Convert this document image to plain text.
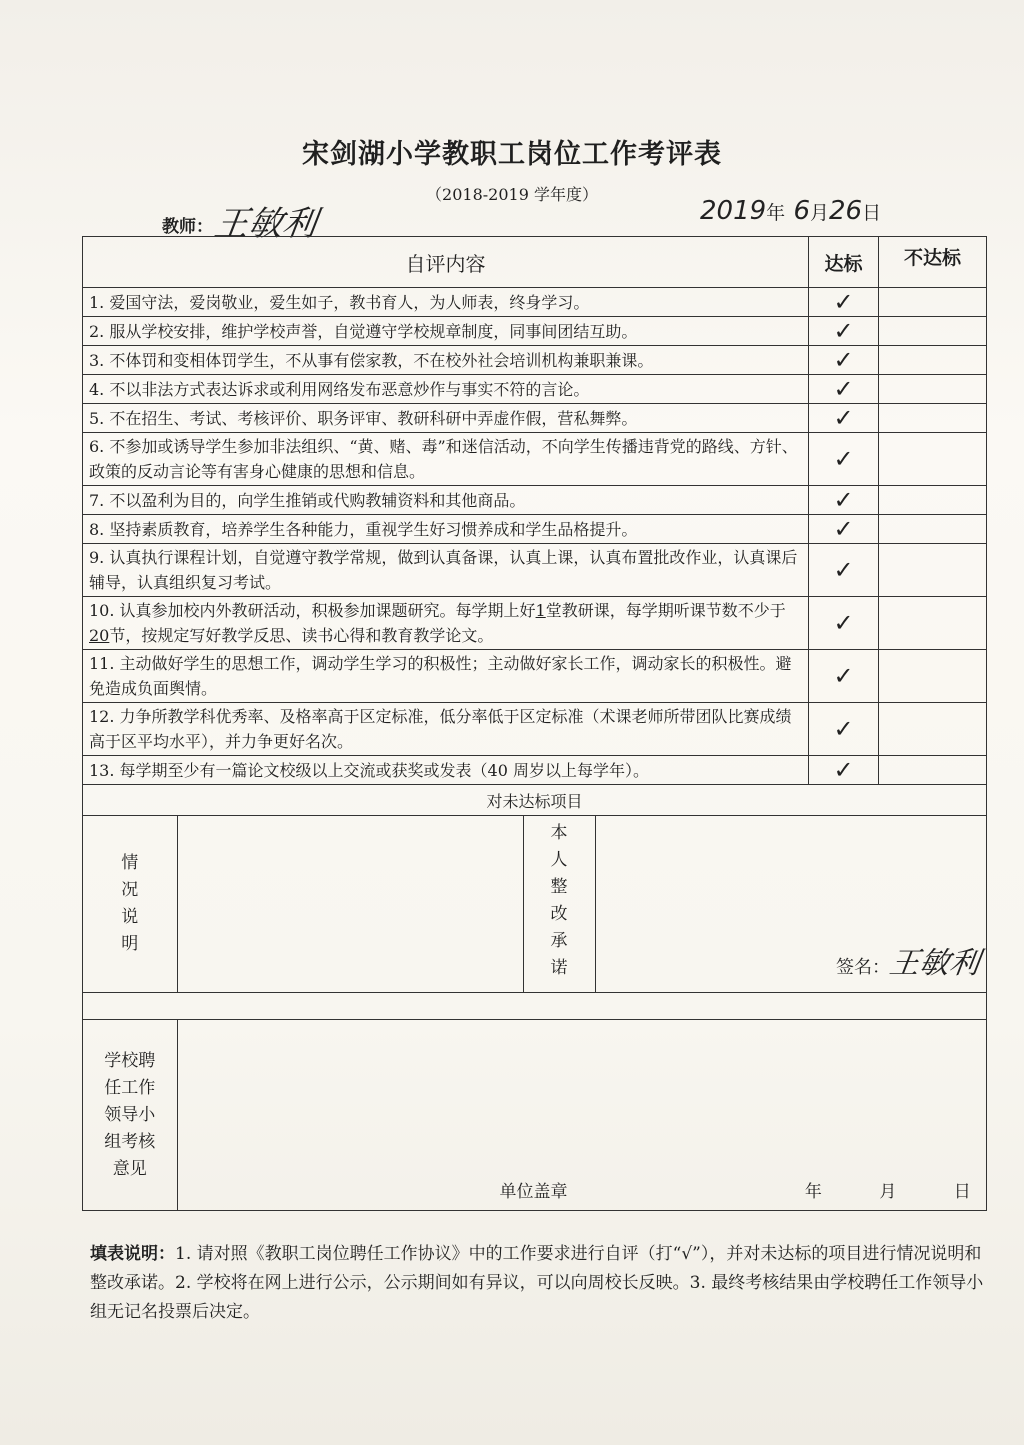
宋剑湖小学教职工岗位工作考评表
（2018-2019 学年度）
教师：
王敏利	2019年 6月26日
自评内容	达标	不达标
1. 爱国守法，爱岗敬业，爱生如子，教书育人，为人师表，终身学习。	✓	
2. 服从学校安排，维护学校声誉，自觉遵守学校规章制度，同事间团结互助。	✓	
3. 不体罚和变相体罚学生，不从事有偿家教，不在校外社会培训机构兼职兼课。	✓	
4. 不以非法方式表达诉求或利用网络发布恶意炒作与事实不符的言论。	✓	
5. 不在招生、考试、考核评价、职务评审、教研科研中弄虚作假，营私舞弊。	✓	
6. 不参加或诱导学生参加非法组织、“黄、赌、毒”和迷信活动，不向学生传播违背党的路线、方针、政策的反动言论等有害身心健康的思想和信息。	✓	
7. 不以盈利为目的，向学生推销或代购教辅资料和其他商品。	✓	
8. 坚持素质教育，培养学生各种能力，重视学生好习惯养成和学生品格提升。	✓	
9. 认真执行课程计划，自觉遵守教学常规，做到认真备课，认真上课，认真布置批改作业，认真课后辅导，认真组织复习考试。	✓	
10. 认真参加校内外教研活动，积极参加课题研究。每学期上好1堂教研课，每学期听课节数不少于20节，按规定写好教学反思、读书心得和教育教学论文。	✓	
11. 主动做好学生的思想工作，调动学生学习的积极性；主动做好家长工作，调动家长的积极性。避免造成负面舆情。	✓	
12. 力争所教学科优秀率、及格率高于区定标准，低分率低于区定标准（术课老师所带团队比赛成绩高于区平均水平），并力争更好名次。	✓	
13. 每学期至少有一篇论文校级以上交流或获奖或发表（40 周岁以上每学年）。	✓	
对未达标项目

情况说明

本人整改承诺	签名：王敏利

学校聘任工作领导小组考核意见
	单位盖章	年	月	日
填表说明：1. 请对照《教职工岗位聘任工作协议》中的工作要求进行自评（打“√”），并对未达标的项目进行情况说明和整改承诺。2. 学校将在网上进行公示，公示期间如有异议，可以向周校长反映。3. 最终考核结果由学校聘任工作领导小组无记名投票后决定。
